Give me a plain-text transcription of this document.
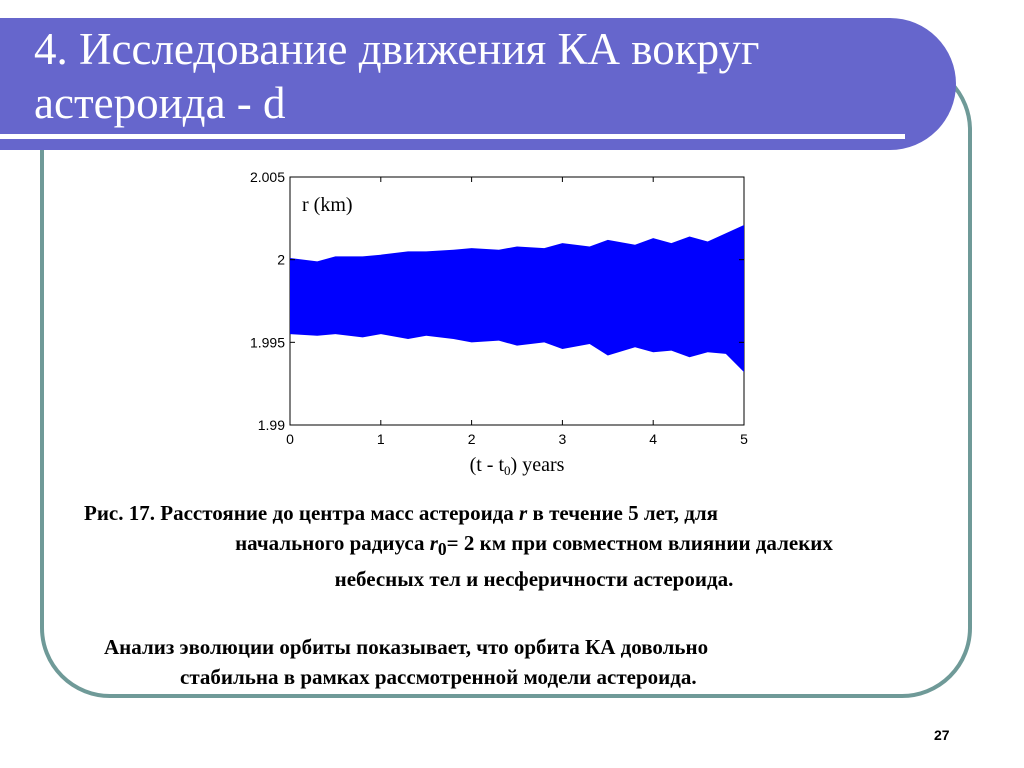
4. Исследование движения КА вокруг
астероида - d
0	1	2	3	4	5
2.005
2
1.995
1.99
r (km)
$(t - t_0)$ years

Рис. 17. Расстояние до центра масс астероида r в течение 5 лет, для
начального радиуса $r_0= 2$ км при совместном влиянии далеких
небесных тел и несферичности астероида.

Анализ эволюции орбиты показывает, что орбита КА довольно
стабильна в рамках рассмотренной модели астероида.

27
